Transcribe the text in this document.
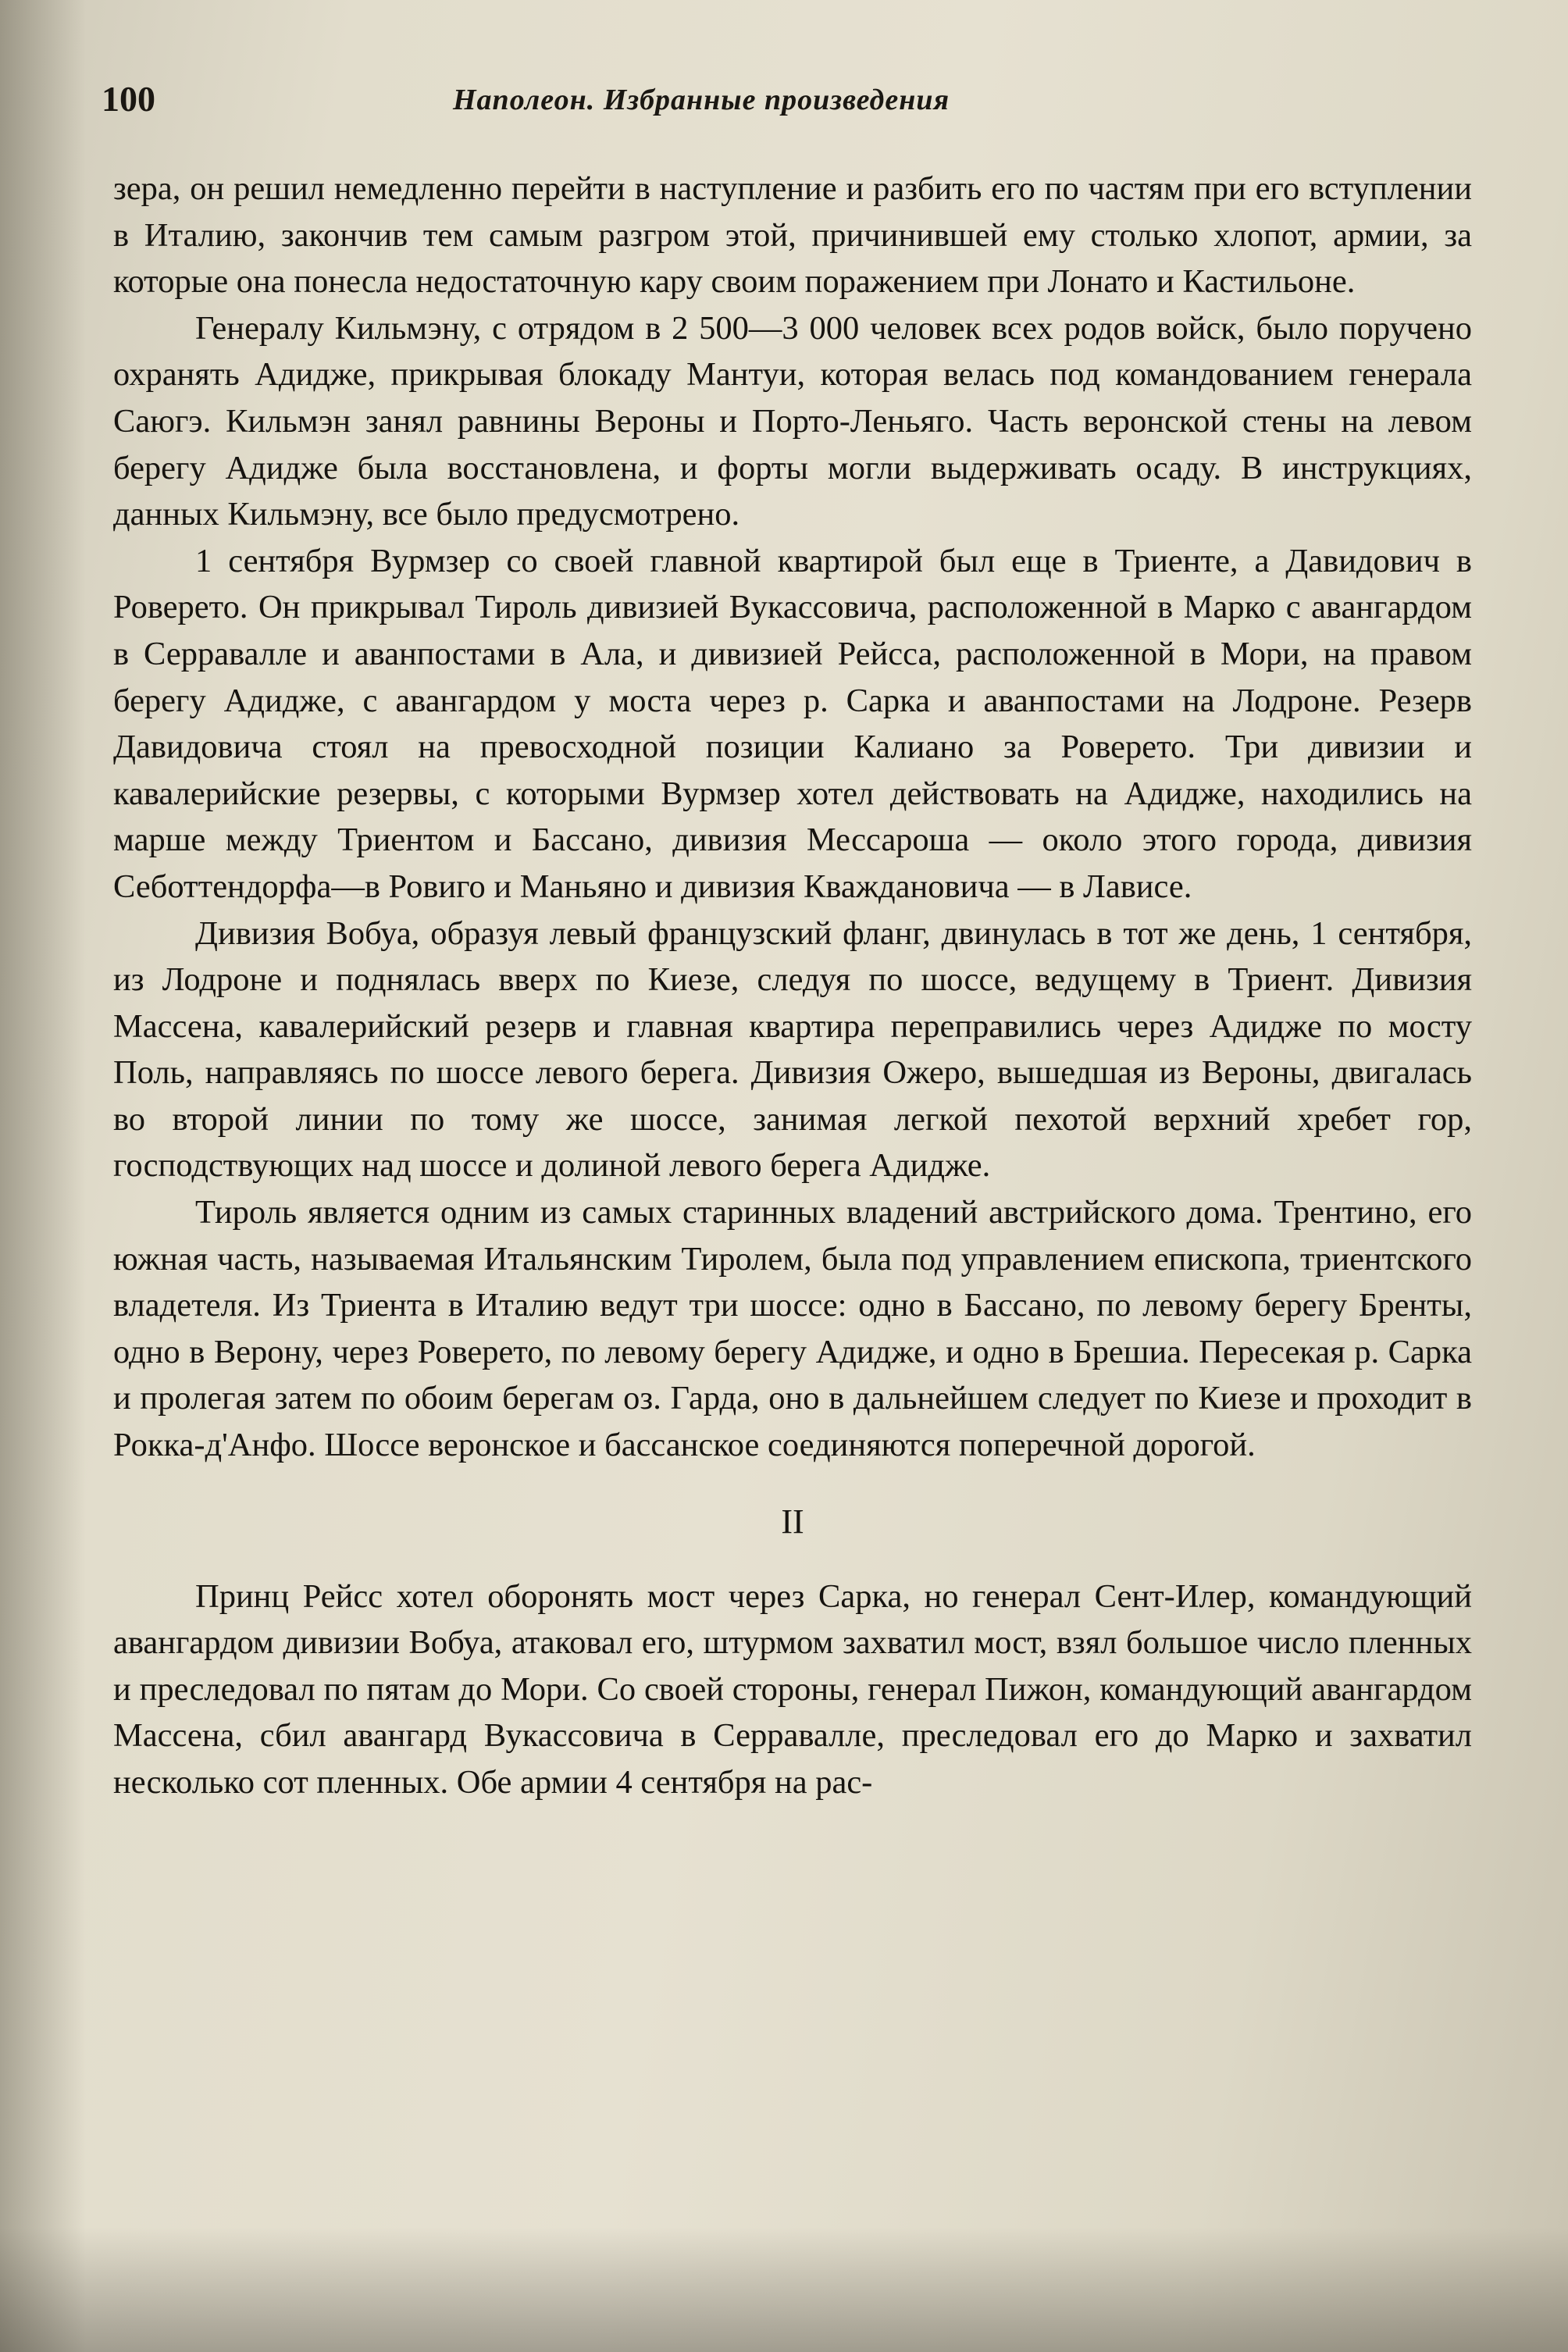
100	Наполеон. Избранные произведения

зера, он решил немедленно перейти в наступление и разбить его по частям при его вступлении в Италию, закончив тем самым разгром этой, причинившей ему столько хлопот, армии, за которые она понесла недостаточную кару своим поражением при Лонато и Кастильоне.

Генералу Кильмэну, с отрядом в 2 500—3 000 человек всех родов войск, было поручено охранять Адидже, прикрывая блокаду Мантуи, которая велась под командованием генерала Саюгэ. Кильмэн занял равнины Вероны и Порто-Леньяго. Часть веронской стены на левом берегу Адидже была восстановлена, и форты могли выдерживать осаду. В инструкциях, данных Кильмэну, все было предусмотрено.

1 сентября Вурмзер со своей главной квартирой был еще в Триенте, а Давидович в Роверето. Он прикрывал Тироль дивизией Вукассовича, расположенной в Марко с авангардом в Серравалле и аванпостами в Ала, и дивизией Рейсса, расположенной в Мори, на правом берегу Адидже, с авангардом у моста через р. Сарка и аванпостами на Лодроне. Резерв Давидовича стоял на превосходной позиции Калиано за Роверето. Три дивизии и кавалерийские резервы, с которыми Вурмзер хотел действовать на Адидже, находились на марше между Триентом и Бассано, дивизия Мессароша — около этого города, дивизия Себоттендорфа—в Ровиго и Маньяно и дивизия Кваждановича — в Лависе.

Дивизия Вобуа, образуя левый французский фланг, двинулась в тот же день, 1 сентября, из Лодроне и поднялась вверх по Киезе, следуя по шоссе, ведущему в Триент. Дивизия Массена, кавалерийский резерв и главная квартира переправились через Адидже по мосту Поль, направляясь по шоссе левого берега. Дивизия Ожеро, вышедшая из Вероны, двигалась во второй линии по тому же шоссе, занимая легкой пехотой верхний хребет гор, господствующих над шоссе и долиной левого берега Адидже.

Тироль является одним из самых старинных владений австрийского дома. Трентино, его южная часть, называемая Итальянским Тиролем, была под управлением епископа, триентского владетеля. Из Триента в Италию ведут три шоссе: одно в Бассано, по левому берегу Бренты, одно в Верону, через Роверето, по левому берегу Адидже, и одно в Брешиа. Пересекая р. Сарка и пролегая затем по обоим берегам оз. Гарда, оно в дальнейшем следует по Киезе и проходит в Рокка-д'Анфо. Шоссе веронское и бассанское соединяются поперечной дорогой.

II

Принц Рейсс хотел оборонять мост через Сарка, но генерал Сент-Илер, командующий авангардом дивизии Вобуа, атаковал его, штурмом захватил мост, взял большое число пленных и преследовал по пятам до Мори. Со своей стороны, генерал Пижон, командующий авангардом Массена, сбил авангард Вукассовича в Серравалле, преследовал его до Марко и захватил несколько сот пленных. Обе армии 4 сентября на рас-
